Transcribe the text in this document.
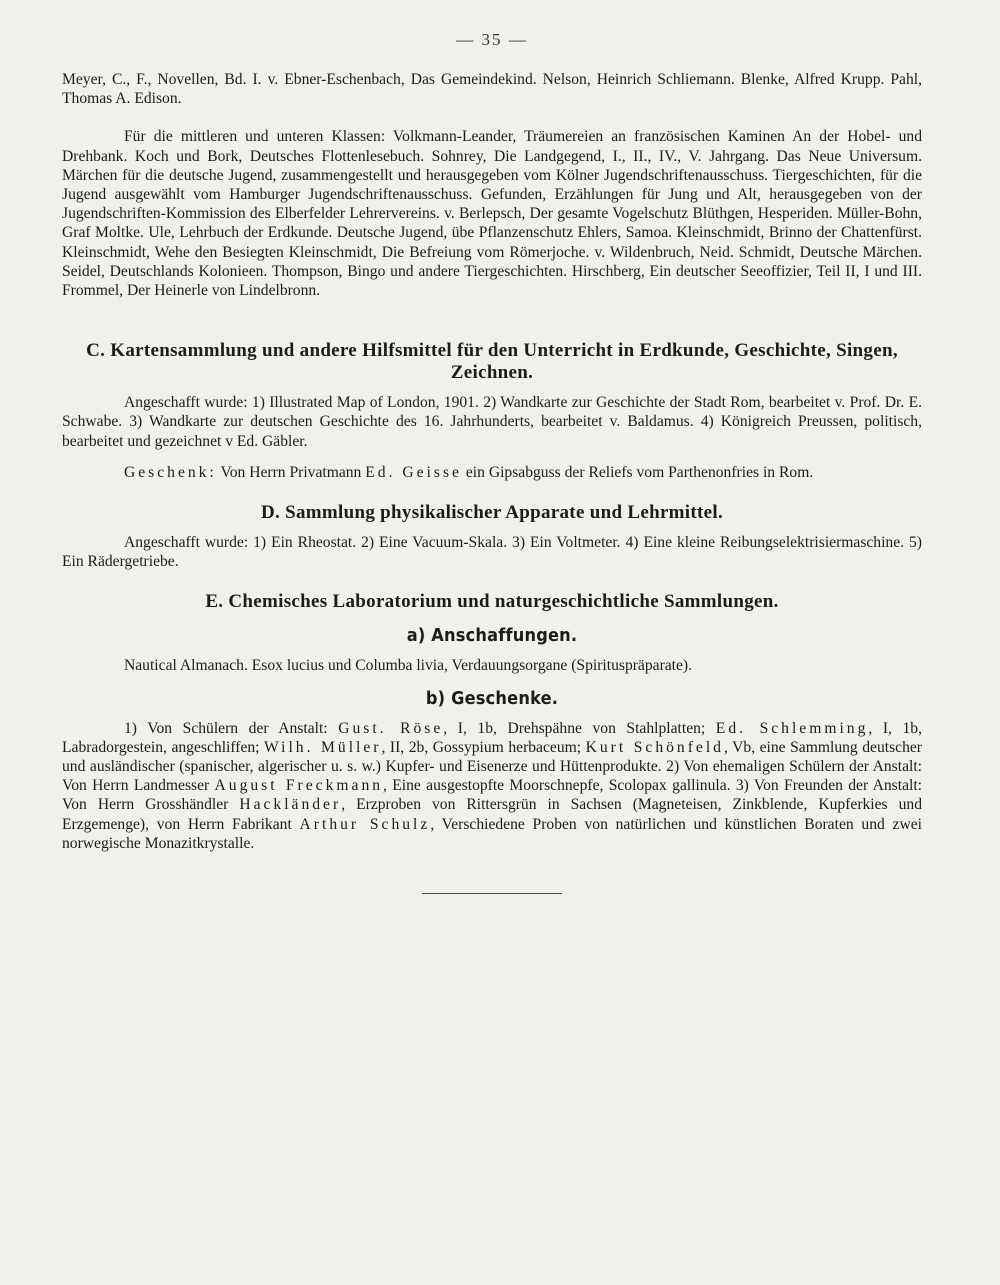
— 35 —

Meyer, C., F., Novellen, Bd. I. v. Ebner-Eschenbach, Das Gemeindekind. Nelson, Heinrich Schliemann. Blenke, Alfred Krupp. Pahl, Thomas A. Edison.

Für die mittleren und unteren Klassen: Volkmann-Leander, Träumereien an französischen Kaminen An der Hobel- und Drehbank. Koch und Bork, Deutsches Flottenlesebuch. Sohnrey, Die Landgegend, I., II., IV., V. Jahrgang. Das Neue Universum. Märchen für die deutsche Jugend, zusammengestellt und herausgegeben vom Kölner Jugendschriftenausschuss. Tiergeschichten, für die Jugend ausgewählt vom Hamburger Jugendschriftenausschuss. Gefunden, Erzählungen für Jung und Alt, herausgegeben von der Jugendschriften-Kommission des Elberfelder Lehrervereins. v. Berlepsch, Der gesamte Vogelschutz Blüthgen, Hesperiden. Müller-Bohn, Graf Moltke. Ule, Lehrbuch der Erdkunde. Deutsche Jugend, übe Pflanzenschutz Ehlers, Samoa. Kleinschmidt, Brinno der Chattenfürst. Kleinschmidt, Wehe den Besiegten Kleinschmidt, Die Befreiung vom Römerjoche. v. Wildenbruch, Neid. Schmidt, Deutsche Märchen. Seidel, Deutschlands Kolonieen. Thompson, Bingo und andere Tiergeschichten. Hirschberg, Ein deutscher Seeoffizier, Teil II, I und III. Frommel, Der Heinerle von Lindelbronn.

C. Kartensammlung und andere Hilfsmittel für den Unterricht in Erdkunde, Geschichte, Singen, Zeichnen.

Angeschafft wurde: 1) Illustrated Map of London, 1901. 2) Wandkarte zur Geschichte der Stadt Rom, bearbeitet v. Prof. Dr. E. Schwabe. 3) Wandkarte zur deutschen Geschichte des 16. Jahrhunderts, bearbeitet v. Baldamus. 4) Königreich Preussen, politisch, bearbeitet und gezeichnet v Ed. Gäbler.

Geschenk: Von Herrn Privatmann Ed. Geisse ein Gipsabguss der Reliefs vom Parthenonfries in Rom.

D. Sammlung physikalischer Apparate und Lehrmittel.

Angeschafft wurde: 1) Ein Rheostat. 2) Eine Vacuum-Skala. 3) Ein Voltmeter. 4) Eine kleine Reibungselektrisiermaschine. 5) Ein Rädergetriebe.

E. Chemisches Laboratorium und naturgeschichtliche Sammlungen.
a) Anschaffungen.

Nautical Almanach. Esox lucius und Columba livia, Verdauungsorgane (Spirituspräparate).

b) Geschenke.

1) Von Schülern der Anstalt: Gust. Röse, I, 1b, Drehspähne von Stahlplatten; Ed. Schlemming, I, 1b, Labradorgestein, angeschliffen; Wilh. Müller, II, 2b, Gossypium herbaceum; Kurt Schönfeld, Vb, eine Sammlung deutscher und ausländischer (spanischer, algerischer u. s. w.) Kupfer- und Eisenerze und Hüttenprodukte. 2) Von ehemaligen Schülern der Anstalt: Von Herrn Landmesser August Freckmann, Eine ausgestopfte Moorschnepfe, Scolopax gallinula. 3) Von Freunden der Anstalt: Von Herrn Grosshändler Hackländer, Erzproben von Rittersgrün in Sachsen (Magneteisen, Zinkblende, Kupferkies und Erzgemenge), von Herrn Fabrikant Arthur Schulz, Verschiedene Proben von natürlichen und künstlichen Boraten und zwei norwegische Monazitkrystalle.
